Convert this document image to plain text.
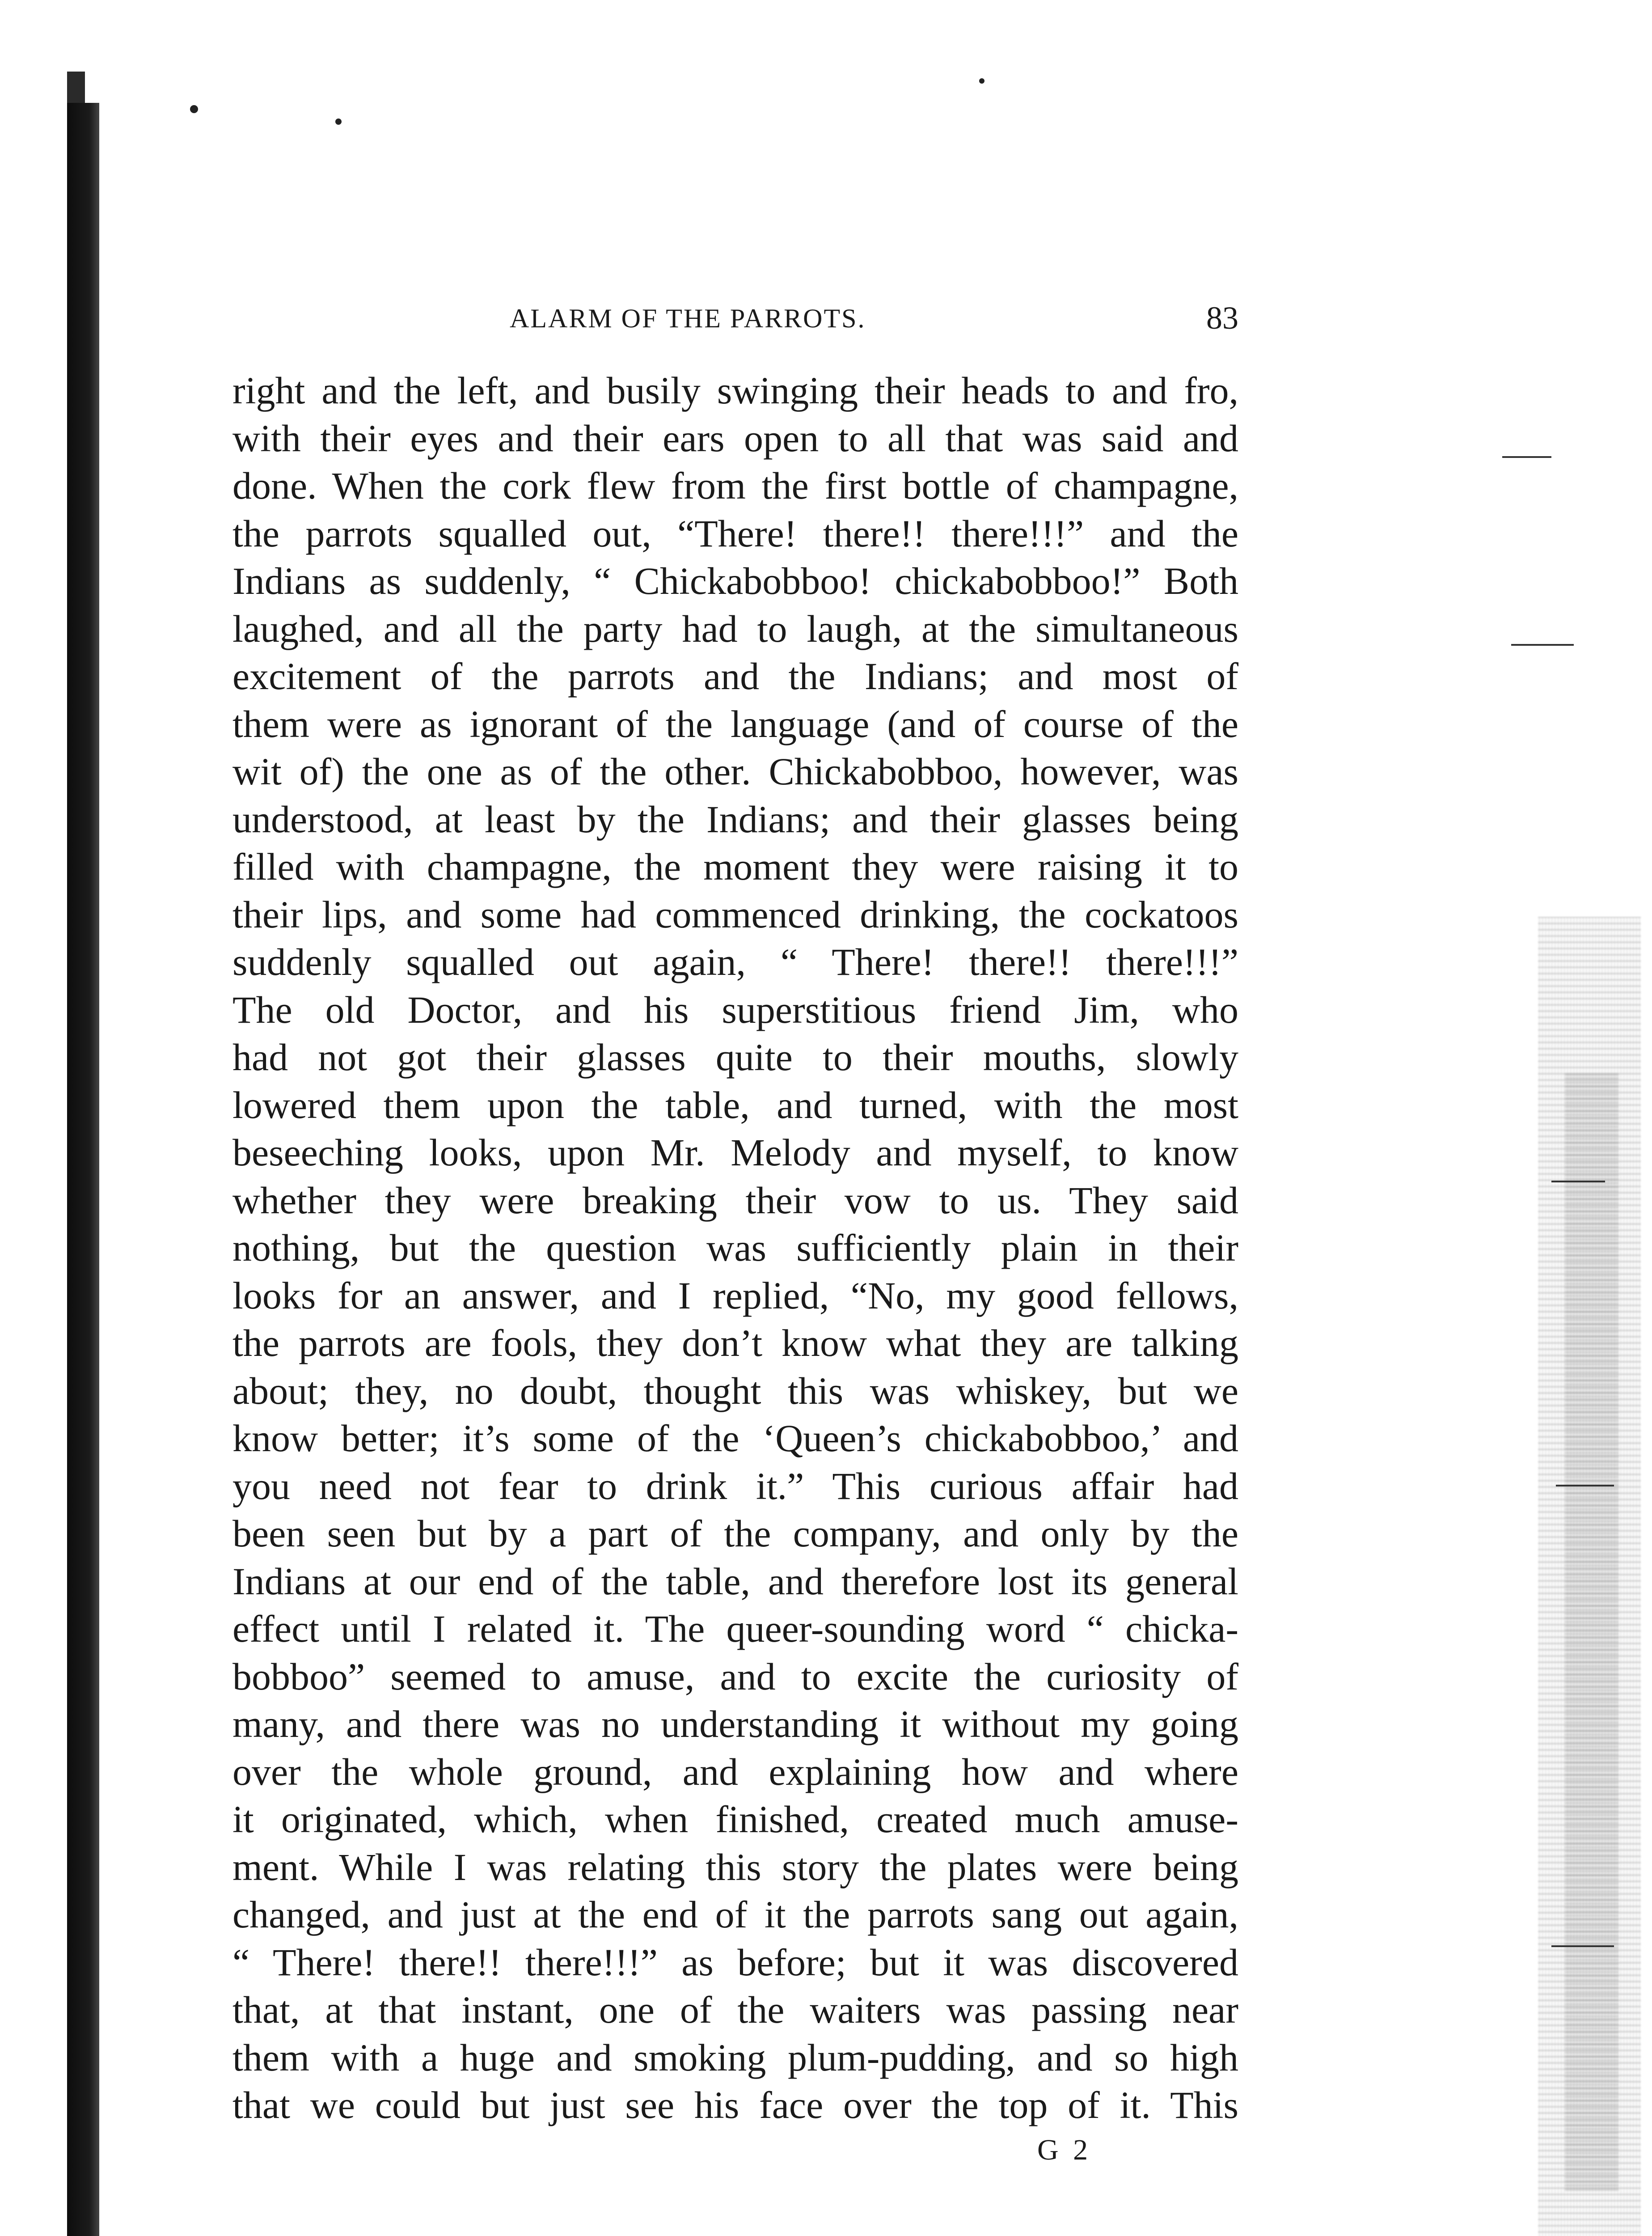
ALARM OF THE PARROTS.	83
right and the left, and busily swinging their heads to and fro,
with their eyes and their ears open to all that was said and
done. When the cork flew from the first bottle of champagne,
the parrots squalled out, “There! there!! there!!!” and the
Indians as suddenly, “ Chickabobboo! chickabobboo!” Both
laughed, and all the party had to laugh, at the simultaneous
excitement of the parrots and the Indians; and most of
them were as ignorant of the language (and of course of the
wit of) the one as of the other. Chickabobboo, however, was
understood, at least by the Indians; and their glasses being
filled with champagne, the moment they were raising it to
their lips, and some had commenced drinking, the cockatoos
suddenly squalled out again, “ There! there!! there!!!”
The old Doctor, and his superstitious friend Jim, who
had not got their glasses quite to their mouths, slowly
lowered them upon the table, and turned, with the most
beseeching looks, upon Mr. Melody and myself, to know
whether they were breaking their vow to us. They said
nothing, but the question was sufficiently plain in their
looks for an answer, and I replied, “No, my good fellows,
the parrots are fools, they don’t know what they are talking
about; they, no doubt, thought this was whiskey, but we
know better; it’s some of the ‘Queen’s chickabobboo,’ and
you need not fear to drink it.” This curious affair had
been seen but by a part of the company, and only by the
Indians at our end of the table, and therefore lost its general
effect until I related it. The queer-sounding word “ chicka-
bobboo” seemed to amuse, and to excite the curiosity of
many, and there was no understanding it without my going
over the whole ground, and explaining how and where
it originated, which, when finished, created much amuse-
ment. While I was relating this story the plates were being
changed, and just at the end of it the parrots sang out again,
“ There! there!! there!!!” as before; but it was discovered
that, at that instant, one of the waiters was passing near
them with a huge and smoking plum-pudding, and so high
that we could but just see his face over the top of it. This
G 2
